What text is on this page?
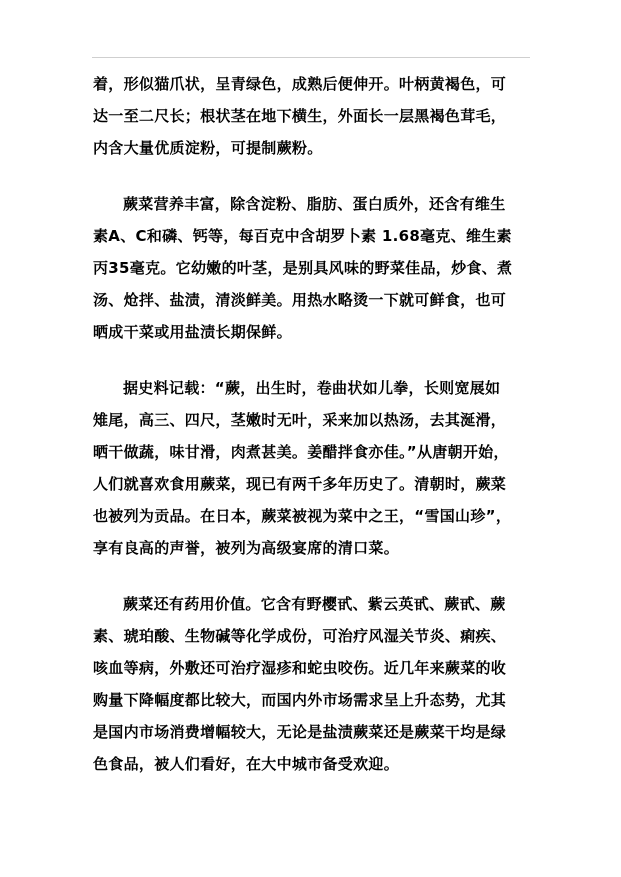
着，形似猫爪状，呈青绿色，成熟后便伸开。叶柄黄褐色，可
达一至二尺长；根状茎在地下横生，外面长一层黑褐色茸毛，
内含大量优质淀粉，可提制蕨粉。

蕨菜营养丰富，除含淀粉、脂肪、蛋白质外，还含有维生
素A、C和磷、钙等，每百克中含胡罗卜素 1.68毫克、维生素
丙35毫克。它幼嫩的叶茎，是别具风味的野菜佳品，炒食、煮
汤、炝拌、盐渍，清淡鲜美。用热水略烫一下就可鲜食，也可
晒成干菜或用盐渍长期保鲜。

据史料记载：“蕨，出生时，卷曲状如儿拳，长则宽展如
雉尾，高三、四尺，茎嫩时无叶，采来加以热汤，去其涎滑，
晒干做蔬，味甘滑，肉煮甚美。姜醋拌食亦佳。”从唐朝开始，
人们就喜欢食用蕨菜，现已有两千多年历史了。清朝时，蕨菜
也被列为贡品。在日本，蕨菜被视为菜中之王，“雪国山珍”，
享有良高的声誉，被列为高级宴席的清口菜。

蕨菜还有药用价值。它含有野樱甙、紫云英甙、蕨甙、蕨
素、琥珀酸、生物碱等化学成份，可治疗风湿关节炎、痢疾、
咳血等病，外敷还可治疗湿疹和蛇虫咬伤。近几年来蕨菜的收
购量下降幅度都比较大，而国内外市场需求呈上升态势，尤其
是国内市场消费增幅较大，无论是盐渍蕨菜还是蕨菜干均是绿
色食品，被人们看好，在大中城市备受欢迎。
